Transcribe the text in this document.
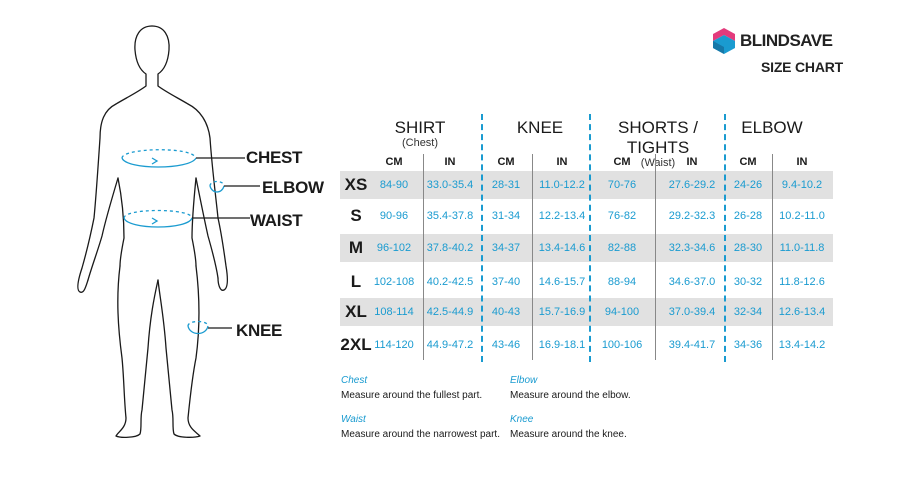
CHEST
ELBOW
WAIST
KNEE
BLINDSAVE
SIZE CHART
SHIRT
(Chest)
KNEE	SHORTS / TIGHTS
(Waist)
ELBOW
CM	IN	CM	IN	CM	IN	CM	IN
XS	84-90	33.0-35.4	28-31	11.0-12.2	70-76	27.6-29.2	24-26	9.4-10.2
S	90-96	35.4-37.8	31-34	12.2-13.4	76-82	29.2-32.3	26-28	10.2-11.0
M	96-102	37.8-40.2	34-37	13.4-14.6	82-88	32.3-34.6	28-30	11.0-11.8
L	102-108	40.2-42.5	37-40	14.6-15.7	88-94	34.6-37.0	30-32	11.8-12.6
XL 108-114	42.5-44.9	40-43	15.7-16.9	94-100	37.0-39.4	32-34	12.6-13.4
2XL 114-120	44.9-47.2	43-46	16.9-18.1	100-106	39.4-41.7	34-36	13.4-14.2
Chest
Measure around the fullest part.
Elbow
Measure around the elbow.
Waist
Measure around the narrowest part.
Knee
Measure around the knee.
